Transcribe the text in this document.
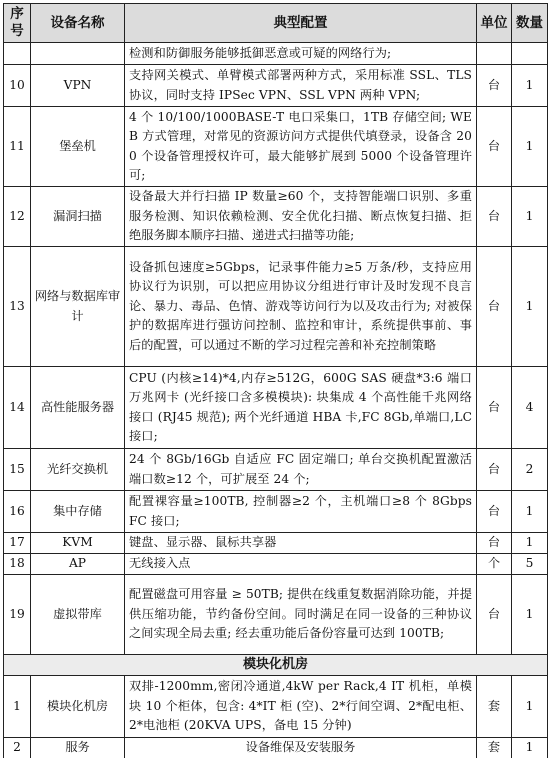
序号	设备名称	典型配置	单位	数量
		检测和防御服务能够抵御恶意或可疑的网络行为;		
10	VPN	支持网关模式、单臂模式部署两种方式，采用标准 SSL、TLS 协议，同时支持 IPSec VPN、SSL VPN 两种 VPN;	台	1
11	堡垒机	4 个 10/100/1000BASE-T 电口采集口，1TB 存储空间; WEB 方式管理，对常见的资源访问方式提供代填登录，设备含 200 个设备管理授权许可，最大能够扩展到 5000 个设备管理许可;	台	1
12	漏洞扫描	设备最大并行扫描 IP 数量≥60 个，支持智能端口识别、多重服务检测、知识依赖检测、安全优化扫描、断点恢复扫描、拒绝服务脚本顺序扫描、递进式扫描等功能;	台	1
13	网络与数据库审计	设备抓包速度≥5Gbps，记录事件能力≥5 万条/秒，支持应用协议行为识别，可以把应用协议分组进行审计及时发现不良言论、暴力、毒品、色情、游戏等访问行为以及攻击行为; 对被保护的数据库进行强访问控制、监控和审计，系统提供事前、事后的配置，可以通过不断的学习过程完善和补充控制策略	台	1
14	高性能服务器	CPU (内核≥14)*4,内存≥512G，600G SAS 硬盘*3:6 端口万兆网卡 (光纤接口含多模模块): 块集成 4 个高性能千兆网络接口 (RJ45 规范); 两个光纤通道 HBA 卡,FC 8Gb,单端口,LC 接口;	台	4
15	光纤交换机	24 个 8Gb/16Gb 自适应 FC 固定端口; 单台交换机配置激活端口数≥12 个，可扩展至 24 个;	台	2
16	集中存储	配置裸容量≥100TB, 控制器≥2 个，主机端口≥8 个 8Gbps FC 接口;	台	1
17	KVM	键盘、显示器、鼠标共享器	台	1
18	AP	无线接入点	个	5
19	虚拟带库	配置磁盘可用容量 ≥ 50TB; 提供在线重复数据消除功能，并提供压缩功能，节约备份空间。同时满足在同一设备的三种协议之间实现全局去重; 经去重功能后备份容量可达到 100TB;	台	1
模块化机房				
1	模块化机房	双排-1200mm,密闭冷通道,4kW per Rack,4 IT 机柜，单模块 10 个柜体，包含: 4*IT 柜 (空)、2*行间空调、2*配电柜、2*电池柜 (20KVA UPS，备电 15 分钟)	套	1
2	服务	设备维保及安装服务	套	1
